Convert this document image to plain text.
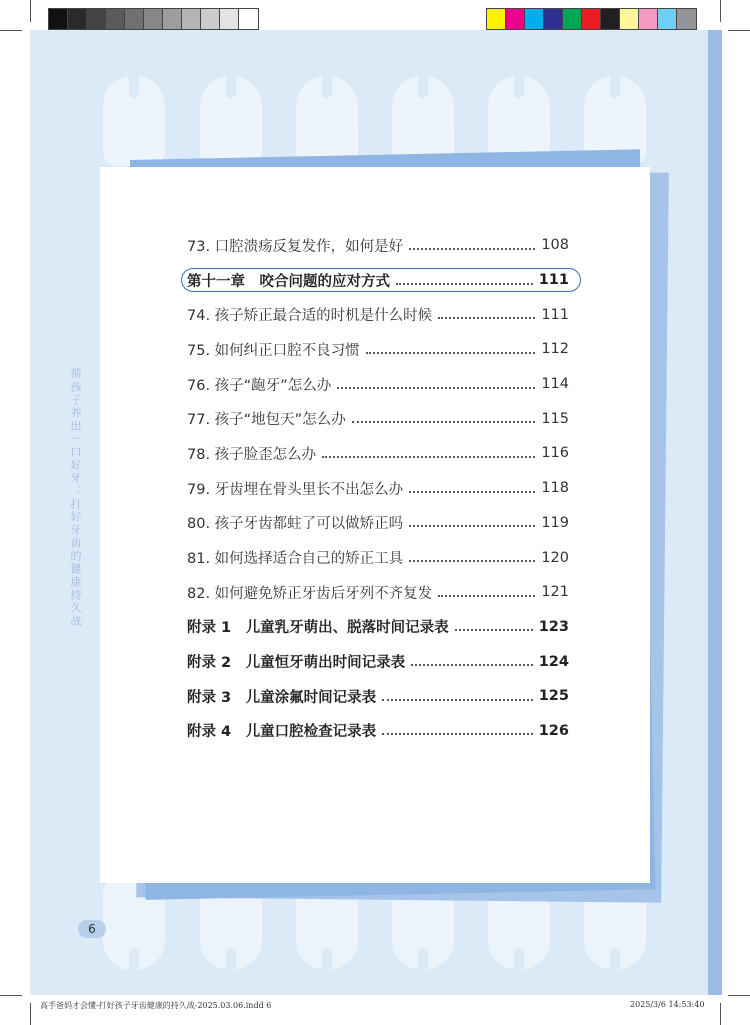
帮孩子养出一口好牙：打好牙齿的健康持久战
73. 口腔溃疡反复发作，如何是好	108
第十一章　咬合问题的应对方式	111
74. 孩子矫正最合适的时机是什么时候	111
75. 如何纠正口腔不良习惯	112
76. 孩子“龅牙”怎么办	114
77. 孩子“地包天”怎么办	115
78. 孩子脸歪怎么办	116
79. 牙齿埋在骨头里长不出怎么办	118
80. 孩子牙齿都蛀了可以做矫正吗	119
81. 如何选择适合自己的矫正工具	120
82. 如何避免矫正牙齿后牙列不齐复发	121
附录 1　儿童乳牙萌出、脱落时间记录表	123
附录 2　儿童恒牙萌出时间记录表	124
附录 3　儿童涂氟时间记录表	125
附录 4　儿童口腔检查记录表	126
6
高手爸妈才会懂-打好孩子牙齿健康的持久战-2025.03.06.indd 6	2025/3/6 14:53:40
